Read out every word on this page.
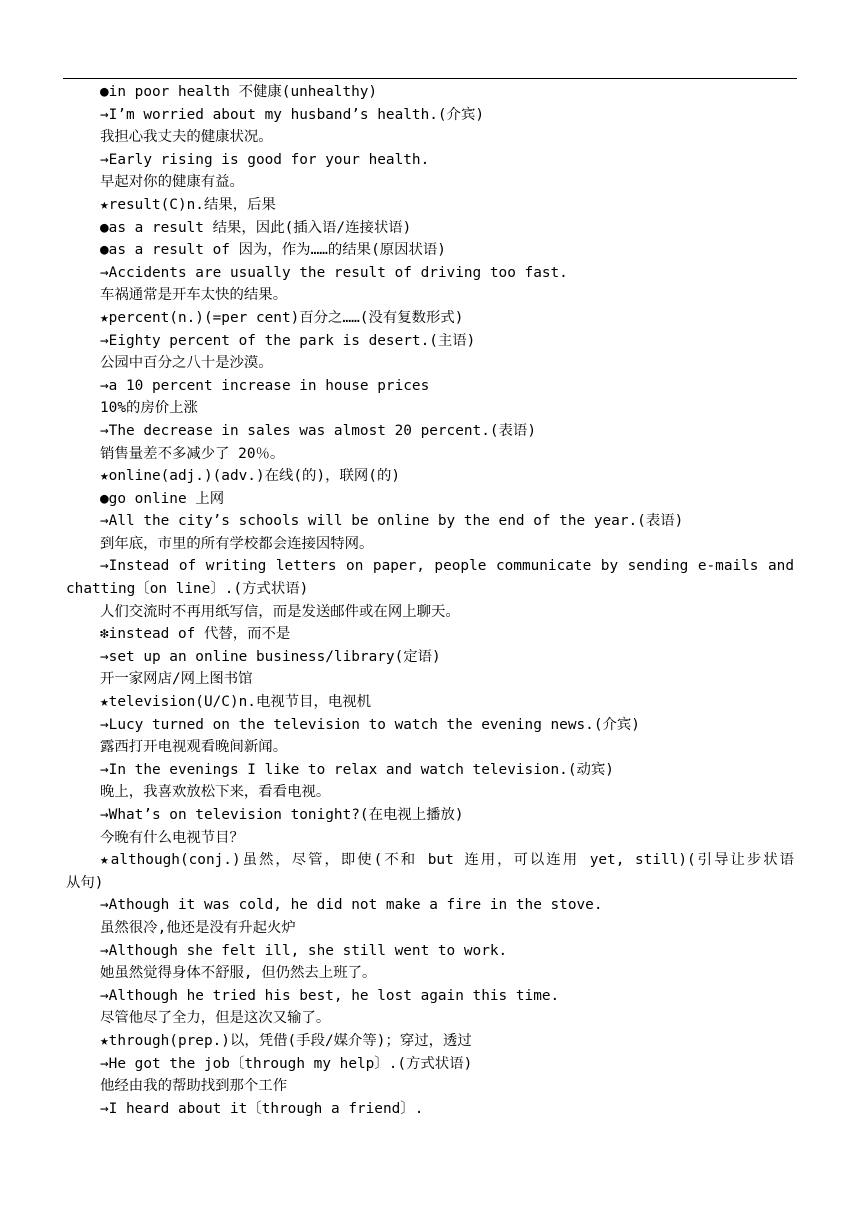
●in poor health 不健康(unhealthy)
→I’m worried about my husband’s health.(介宾)
我担心我丈夫的健康状况。
→Early rising is good for your health.
早起对你的健康有益。
★result(C)n.结果，后果
●as a result 结果，因此(插入语/连接状语)
●as a result of 因为，作为……的结果(原因状语)
→Accidents are usually the result of driving too fast.
车祸通常是开车太快的结果。
★percent(n.)(=per cent)百分之……(没有复数形式)
→Eighty percent of the park is desert.(主语)
公园中百分之八十是沙漠。
→a 10 percent increase in house prices
10%的房价上涨
→The decrease in sales was almost 20 percent.(表语)
销售量差不多减少了 20％。
★online(adj.)(adv.)在线(的)，联网(的)
●go online 上网
→All the city’s schools will be online by the end of the year.(表语)
到年底，市里的所有学校都会连接因特网。
→Instead of writing letters on paper, people communicate by sending e-mails and
chatting〔on line〕.(方式状语)
人们交流时不再用纸写信，而是发送邮件或在网上聊天。
❇instead of 代替，而不是
→set up an online business/library(定语)
开一家网店/网上图书馆
★television(U/C)n.电视节目，电视机
→Lucy turned on the television to watch the evening news.(介宾)
露西打开电视观看晚间新闻。
→In the evenings I like to relax and watch television.(动宾)
晚上，我喜欢放松下来，看看电视。
→What’s on television tonight?(在电视上播放)
今晚有什么电视节目？
★although(conj.)虽然，尽管，即使(不和 but 连用，可以连用 yet, still)(引导让步状语
从句)
→Athough it was cold, he did not make a fire in the stove.
虽然很冷,他还是没有升起火炉
→Although she felt ill, she still went to work.
她虽然觉得身体不舒服, 但仍然去上班了。
→Although he tried his best, he lost again this time.
尽管他尽了全力，但是这次又输了。
★through(prep.)以，凭借(手段/媒介等)；穿过，透过
→He got the job〔through my help〕.(方式状语)
他经由我的帮助找到那个工作
→I heard about it〔through a friend〕.
